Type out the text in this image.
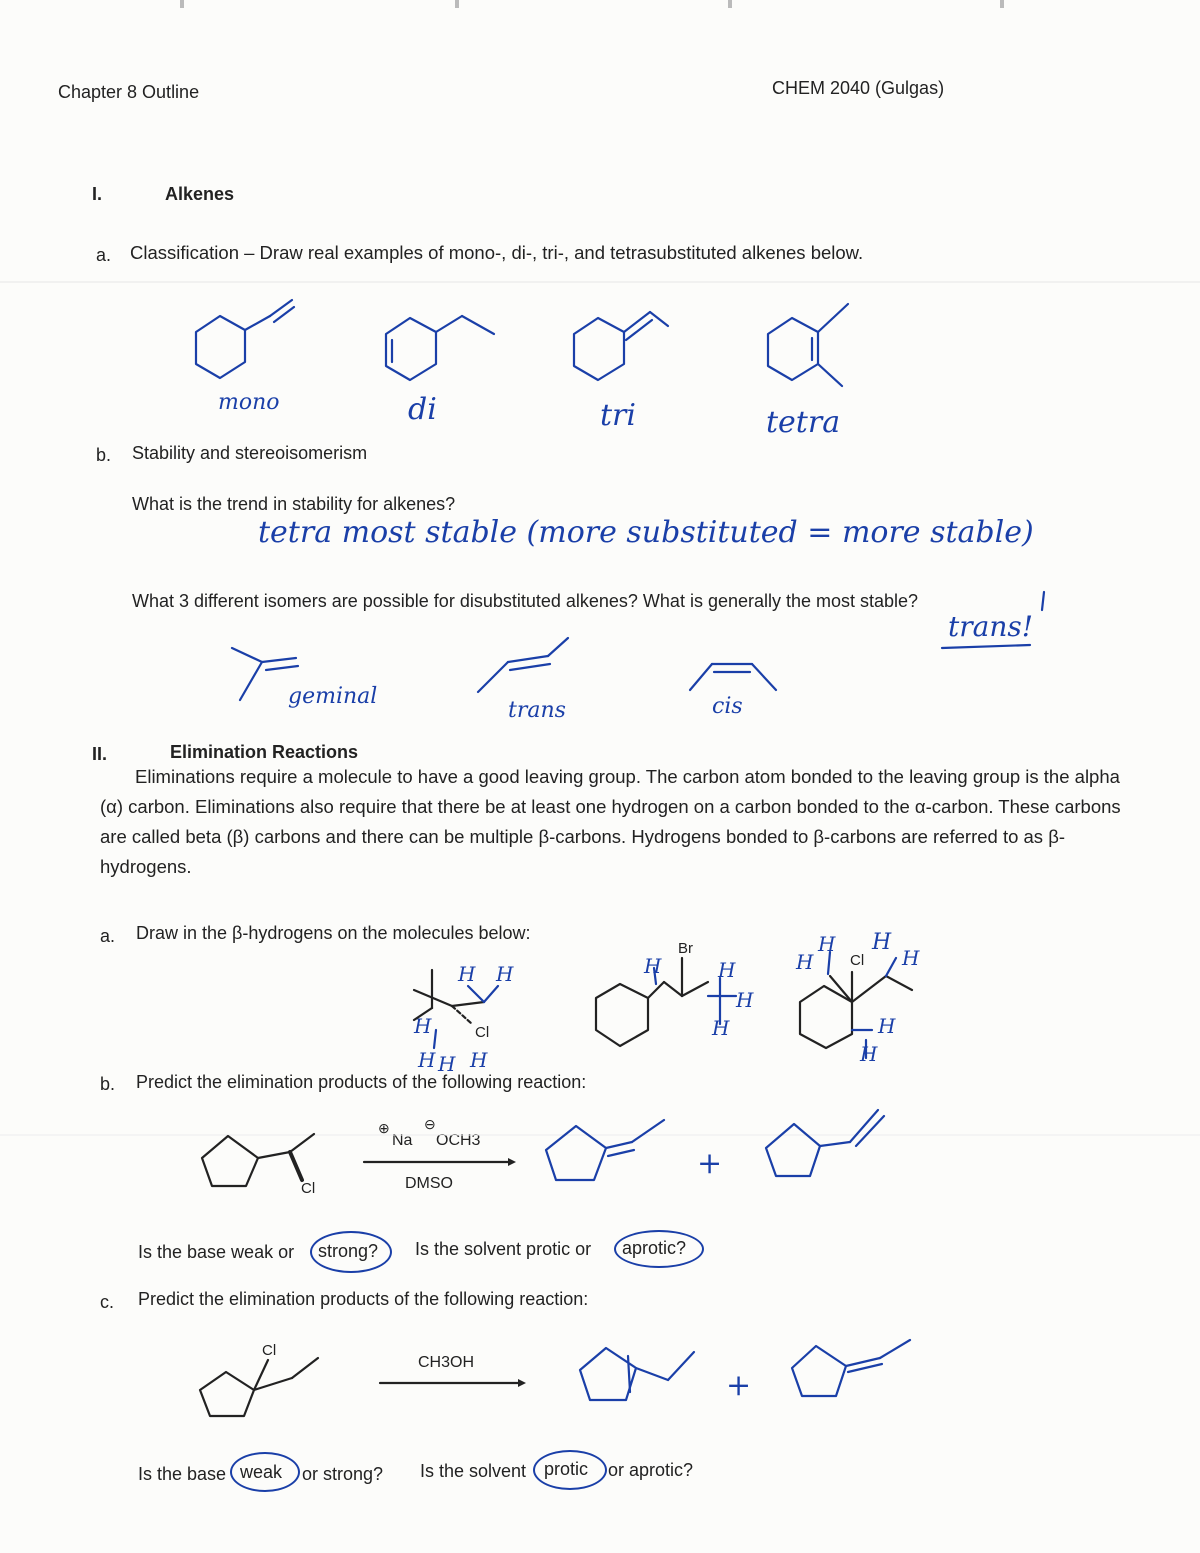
Chapter 8 Outline	CHEM 2040 (Gulgas)
I.	Alkenes
a. Classification – Draw real examples of mono-, di-, tri-, and tetrasubstituted alkenes below.
mono	di	tri	tetra
b. Stability and stereoisomerism
What is the trend in stability for alkenes?
tetra most stable (more substituted = more stable)
What 3 different isomers are possible for disubstituted alkenes? What is generally the most stable?
trans!
geminal
trans	cis
II.	Elimination Reactions
Eliminations require a molecule to have a good leaving group. The carbon atom bonded to the leaving group is the alpha (α) carbon. Eliminations also require that there be at least one hydrogen on a carbon bonded to the α-carbon. These carbons are called beta (β) carbons and there can be multiple β-carbons. Hydrogens bonded to β-carbons are referred to as β-hydrogens.
a. Draw in the β-hydrogens on the molecules below:
b. Predict the elimination products of the following reaction:
⊕
Na
⊖
OCH3
DMSO
+
Is the base weak or strong? Is the solvent protic or aprotic?
c. Predict the elimination products of the following reaction:
CH3OH
+
Is the base weak or strong? Is the solvent protic or aprotic?
Cl
Br
Cl
Cl
Cl
H H
H
H H H
H	H
H
H
H
H
H
H
H
H
